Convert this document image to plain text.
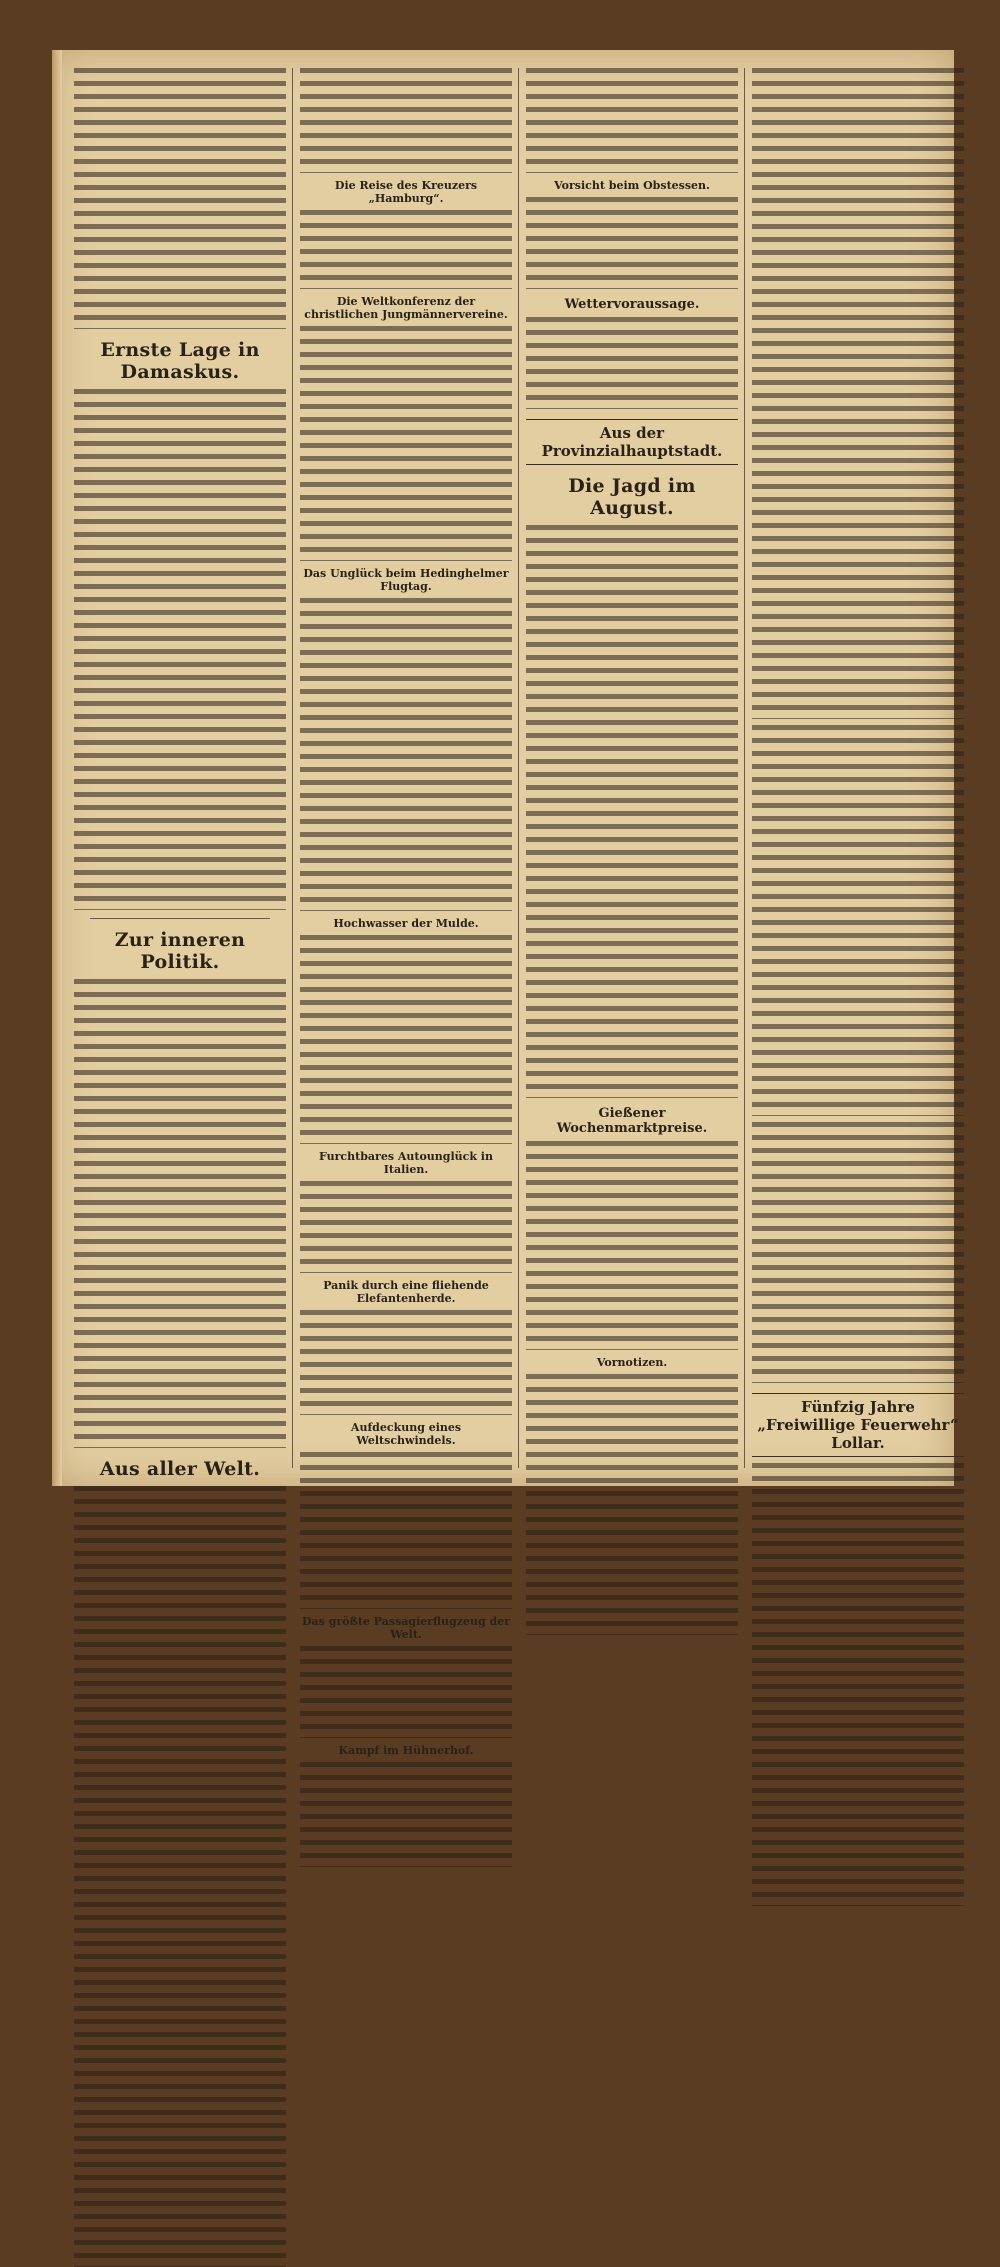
Ernste Lage in Damaskus.
Zur inneren Politik.
Aus aller Welt.
Die Reise des Kreuzers „Hamburg“.
Die Weltkonferenz der christlichen Jungmännervereine.
Das Unglück beim Hedinghelmer Flugtag.
Hochwasser der Mulde.
Furchtbares Autounglück in Italien.
Panik durch eine fliehende Elefantenherde.
Aufdeckung eines Weltschwindels.
Das größte Passagierflugzeug der Welt.
Kampf im Hühnerhof.
Vorsicht beim Obstessen.
Wettervoraussage.
Aus der Provinzialhauptstadt.
Die Jagd im August.
Gießener Wochenmarktpreise.
Vornotizen.
Fünfzig Jahre „Freiwillige Feuerwehr“ Lollar.
